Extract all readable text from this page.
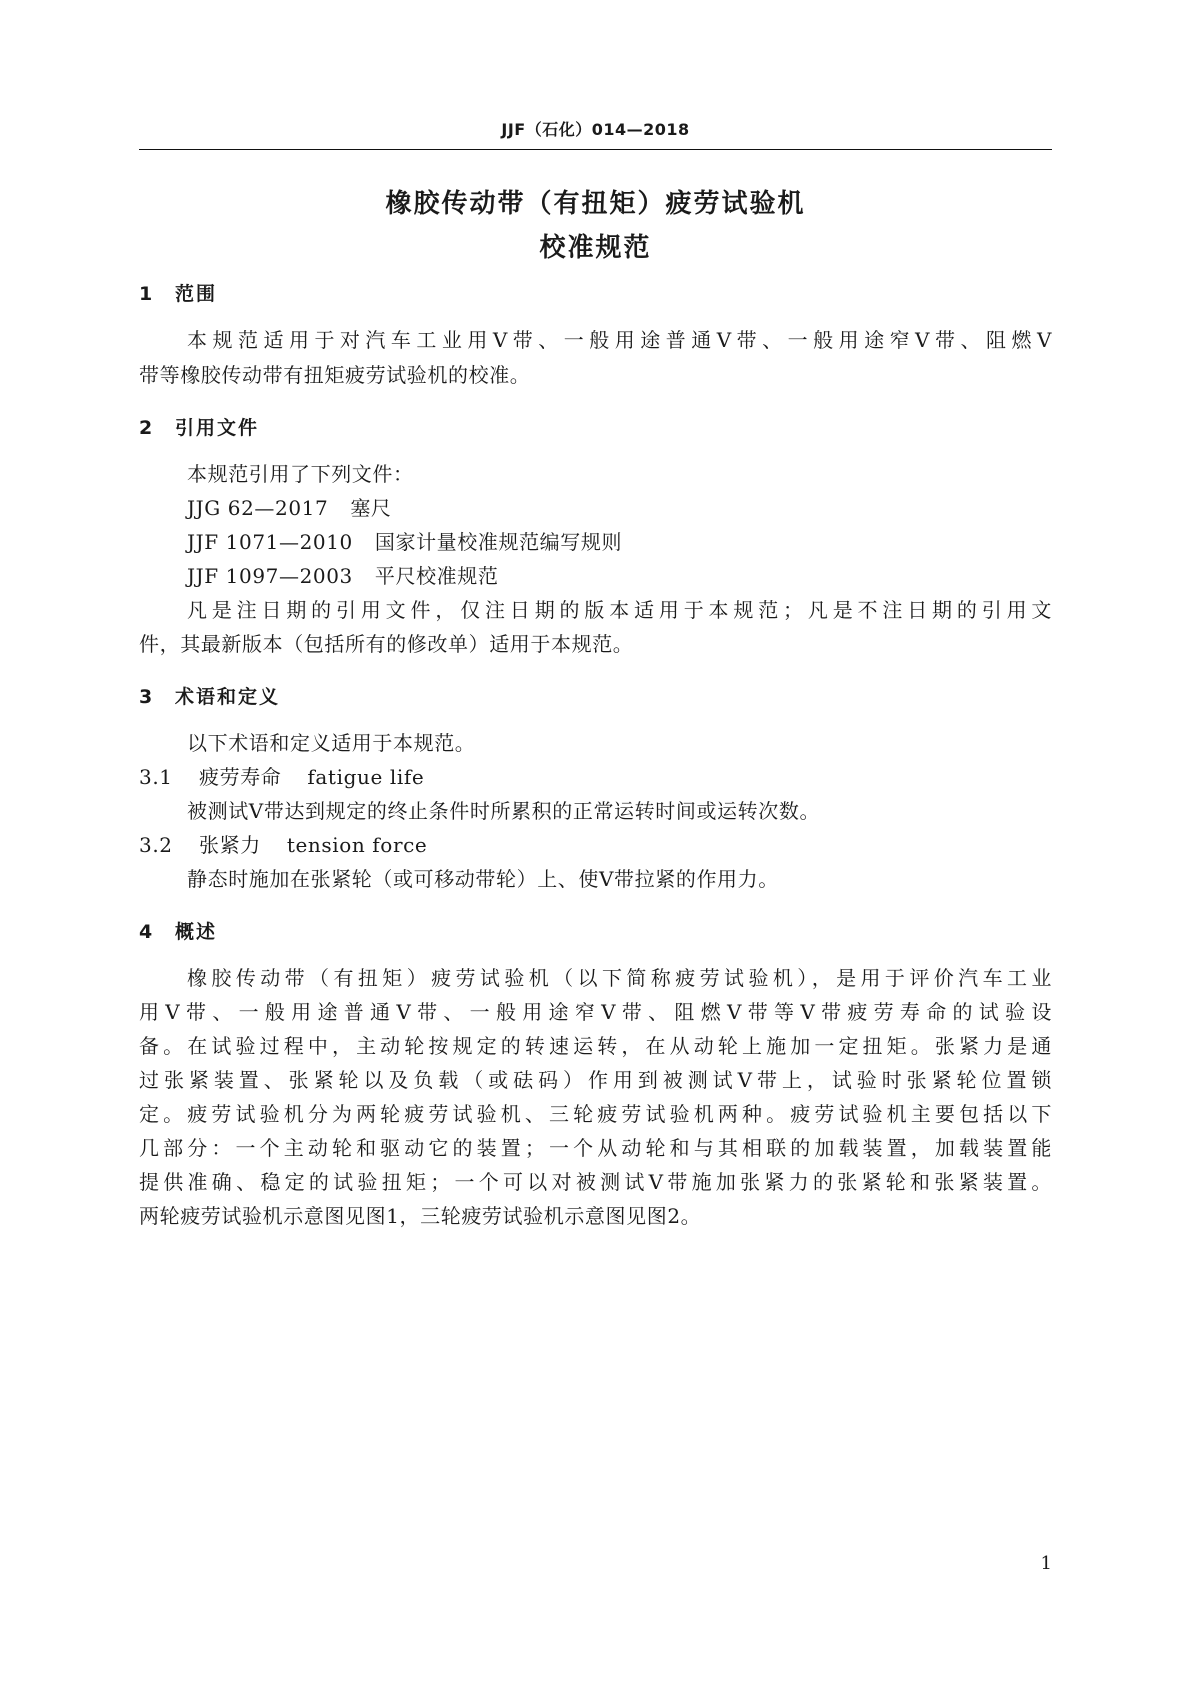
JJF（石化）014—2018
橡胶传动带（有扭矩）疲劳试验机
校准规范
1 范围
本规范适用于对汽车工业用V带、一般用途普通V带、一般用途窄V带、阻燃V
带等橡胶传动带有扭矩疲劳试验机的校准。
2 引用文件
本规范引用了下列文件：
JJG 62—2017 塞尺
JJF 1071—2010 国家计量校准规范编写规则
JJF 1097—2003 平尺校准规范
凡是注日期的引用文件，仅注日期的版本适用于本规范；凡是不注日期的引用文
件，其最新版本（包括所有的修改单）适用于本规范。
3 术语和定义
以下术语和定义适用于本规范。
3.1 疲劳寿命 fatigue life
被测试V带达到规定的终止条件时所累积的正常运转时间或运转次数。
3.2 张紧力 tension force
静态时施加在张紧轮（或可移动带轮）上、使V带拉紧的作用力。
4 概述
橡胶传动带（有扭矩）疲劳试验机（以下简称疲劳试验机），是用于评价汽车工业
用V带、一般用途普通V带、一般用途窄V带、阻燃V带等V带疲劳寿命的试验设
备。在试验过程中，主动轮按规定的转速运转，在从动轮上施加一定扭矩。张紧力是通
过张紧装置、张紧轮以及负载（或砝码）作用到被测试V带上，试验时张紧轮位置锁
定。疲劳试验机分为两轮疲劳试验机、三轮疲劳试验机两种。疲劳试验机主要包括以下
几部分：一个主动轮和驱动它的装置；一个从动轮和与其相联的加载装置，加载装置能
提供准确、稳定的试验扭矩；一个可以对被测试V带施加张紧力的张紧轮和张紧装置。
两轮疲劳试验机示意图见图1，三轮疲劳试验机示意图见图2。
1
